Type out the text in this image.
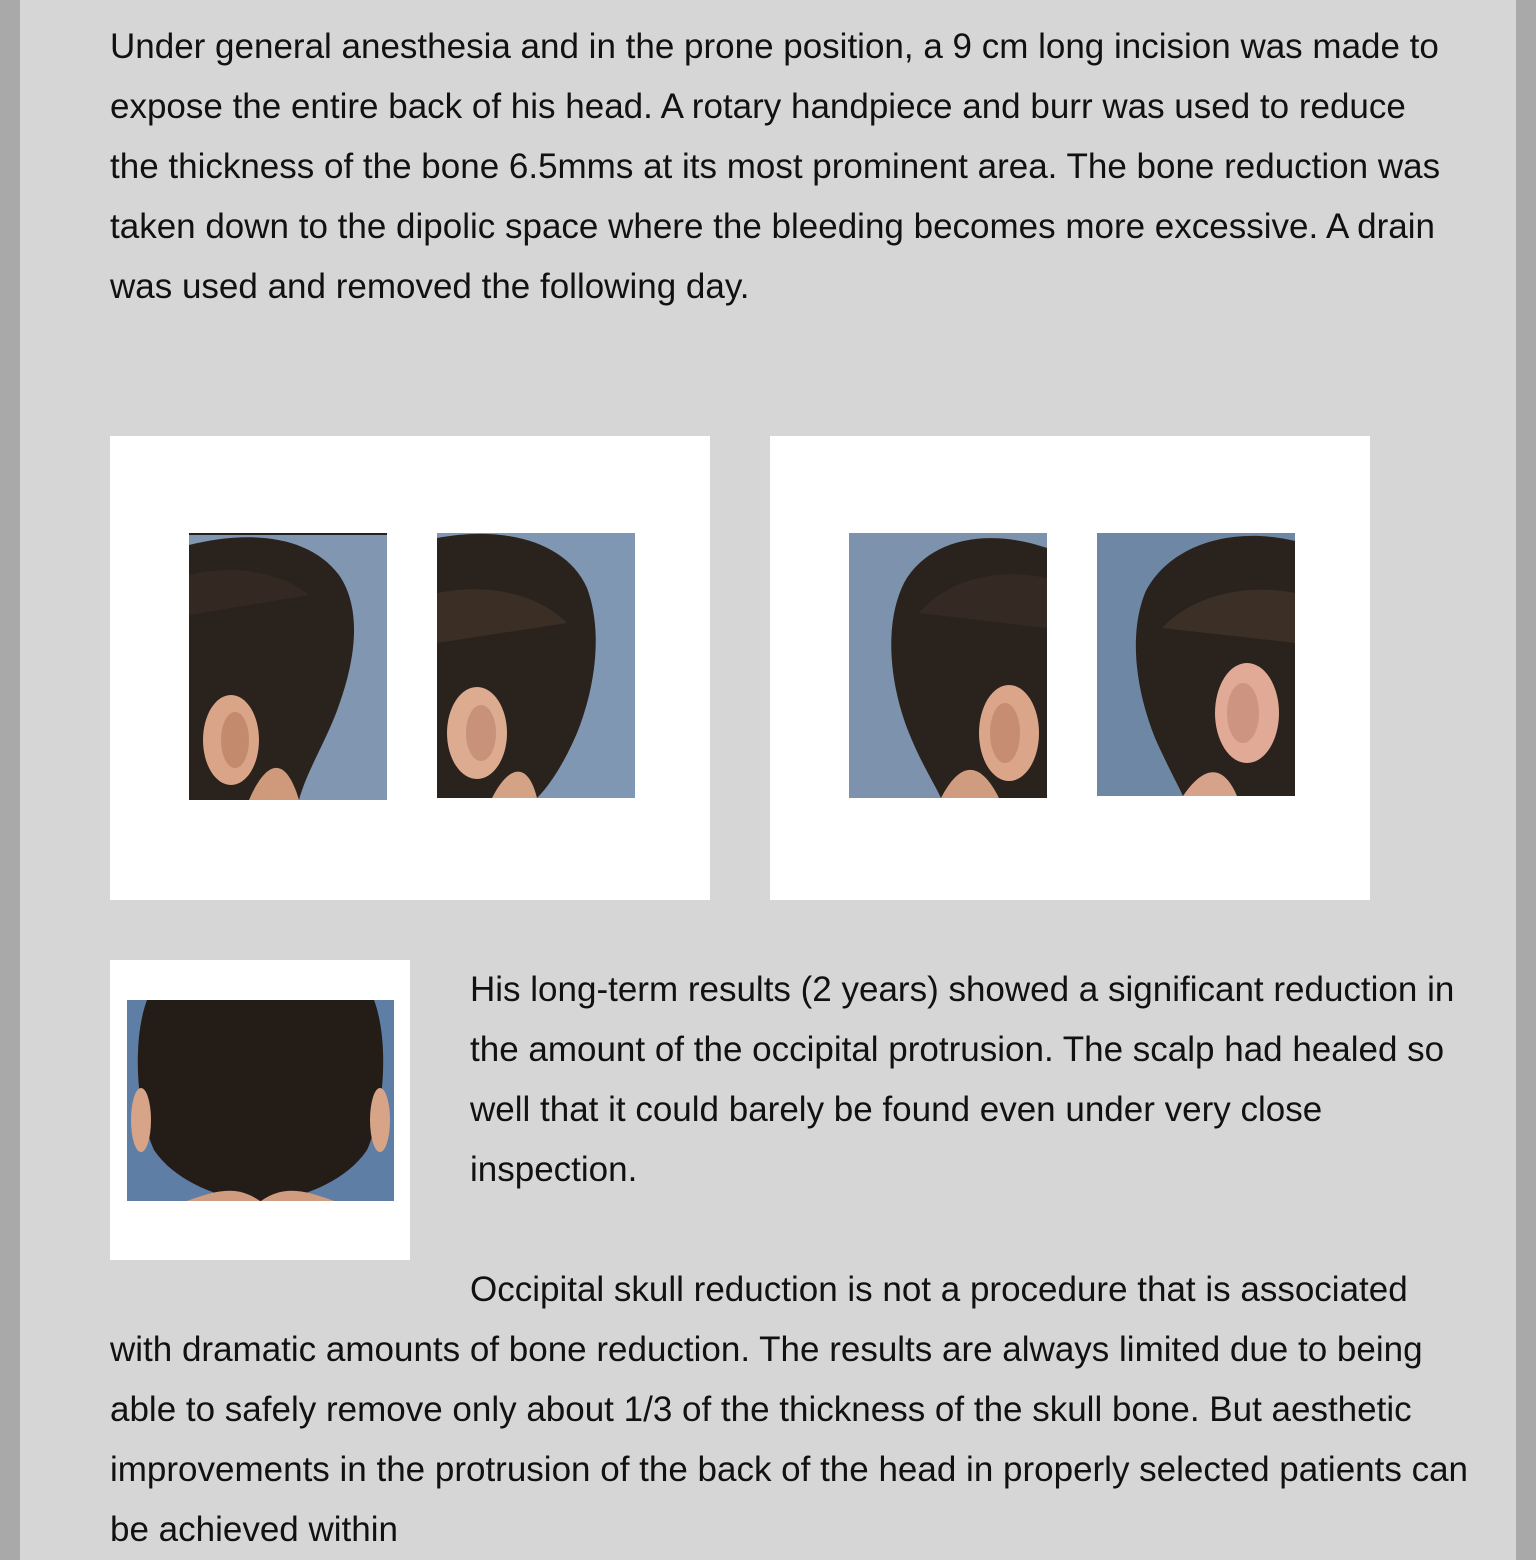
Under general anesthesia and in the prone position, a 9 cm long incision was made to expose the entire back of his head. A rotary handpiece and burr was used to reduce the thickness of the bone 6.5mms at its most prominent area. The bone reduction was taken down to the dipolic space where the bleeding becomes more excessive. A drain was used and removed the following day.

His long-term results (2 years) showed a significant reduction in the amount of the occipital protrusion. The scalp had healed so well that it could barely be found even under very close inspection.

Occipital skull reduction is not a procedure that is associated with dramatic amounts of bone reduction. The results are always limited due to being able to safely remove only about 1/3 of the thickness of the skull bone. But aesthetic improvements in the protrusion of the back of the head in properly selected patients can be achieved within
